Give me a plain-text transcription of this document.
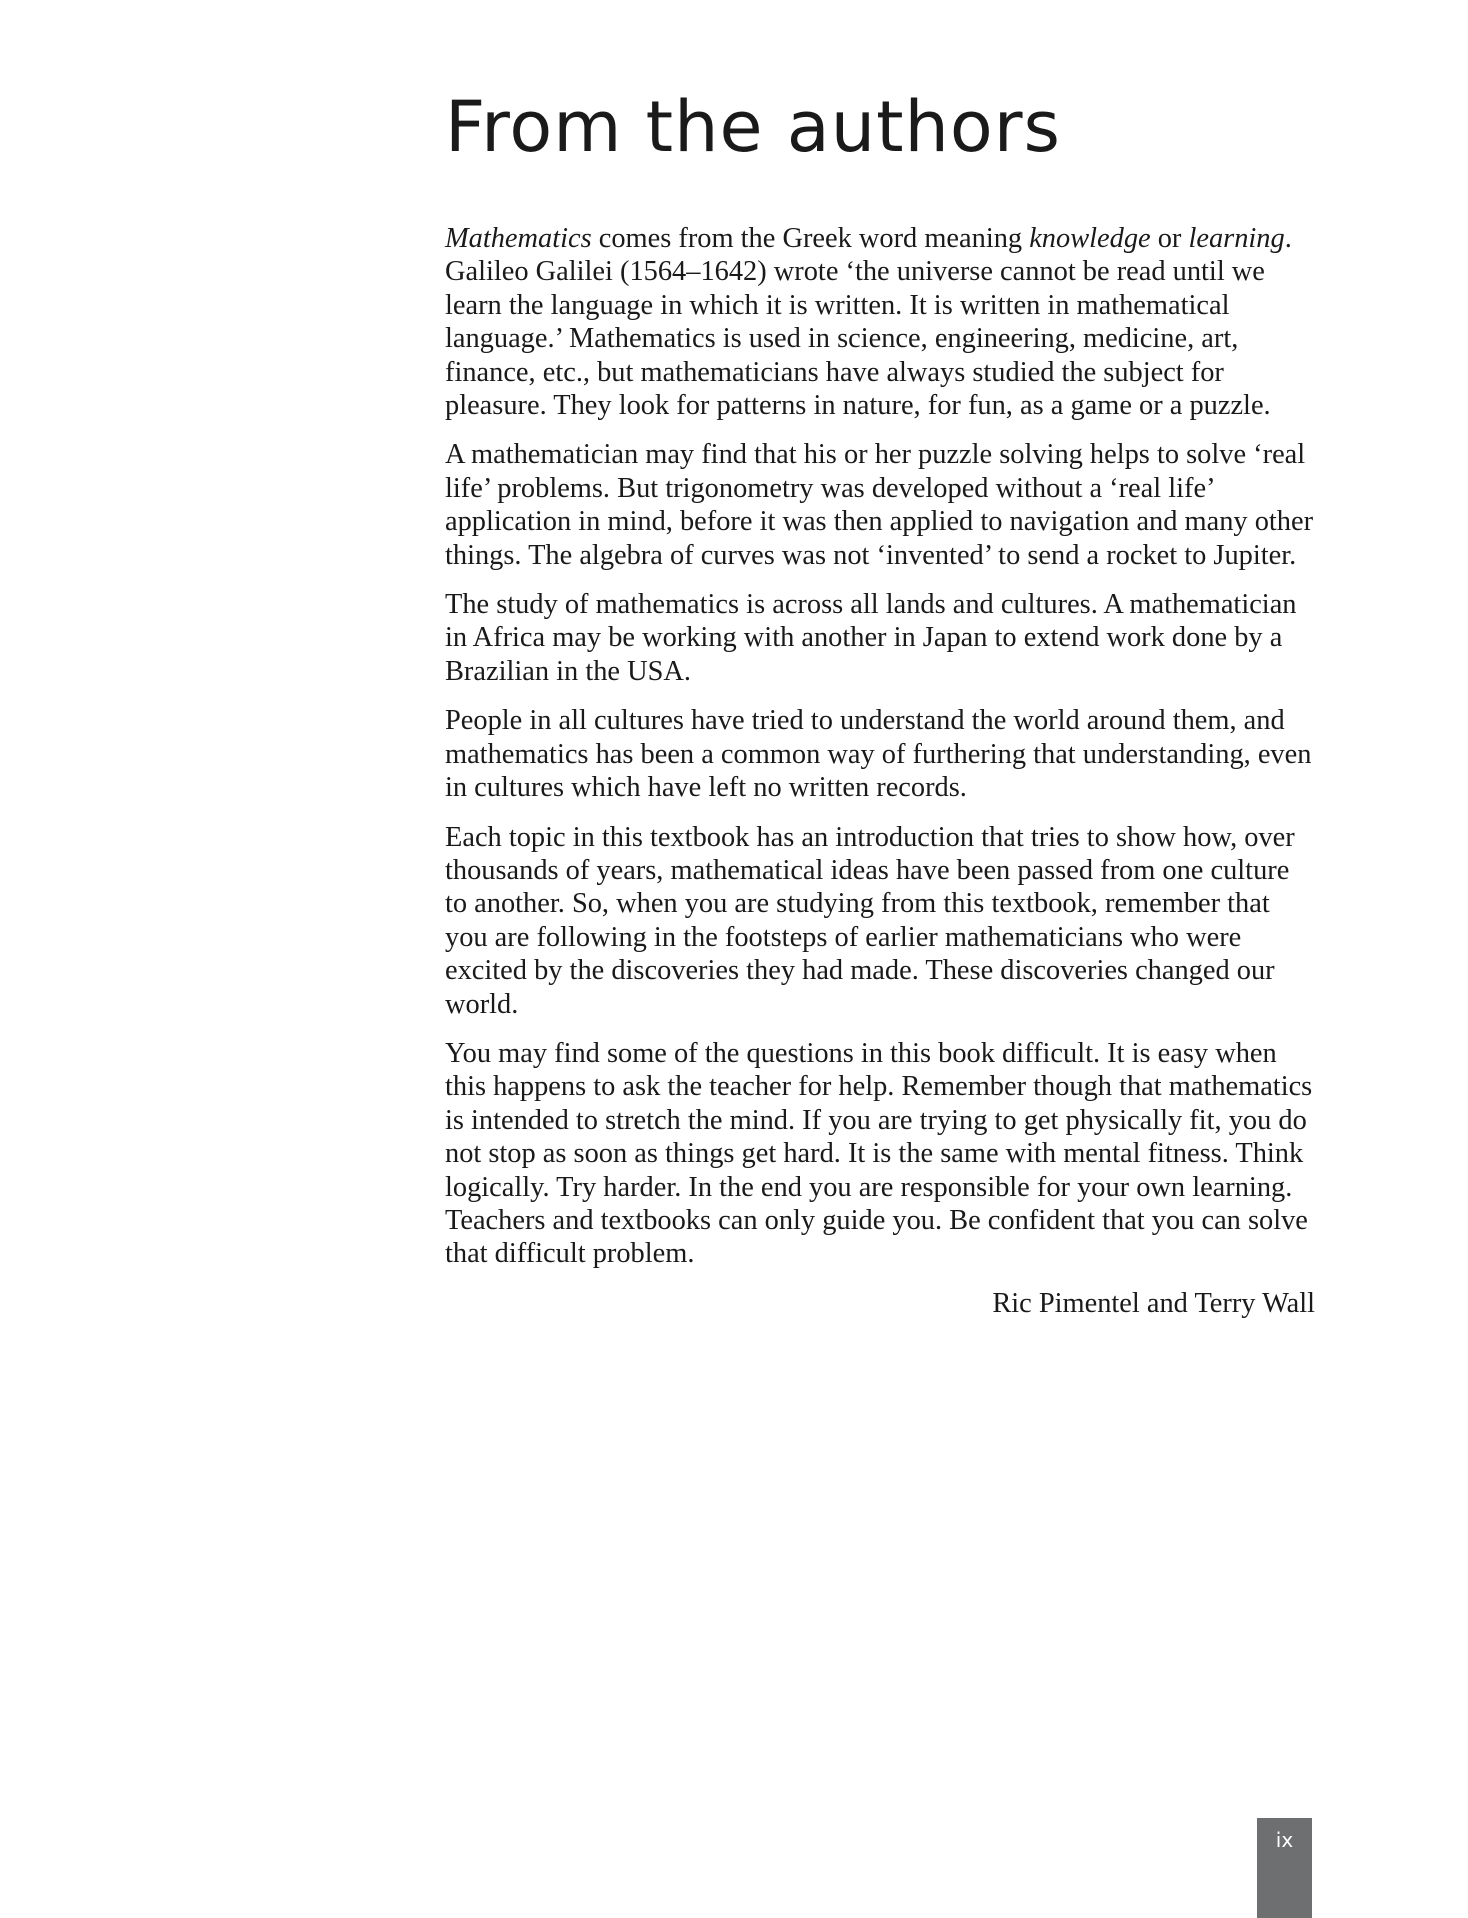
From the authors

Mathematics comes from the Greek word meaning knowledge or learning. Galileo Galilei (1564–1642) wrote ‘the universe cannot be read until we learn the language in which it is written. It is written in mathematical language.’ Mathematics is used in science, engineering, medicine, art, finance, etc., but mathematicians have always studied the subject for pleasure. They look for patterns in nature, for fun, as a game or a puzzle.

A mathematician may find that his or her puzzle solving helps to solve ‘real life’ problems. But trigonometry was developed without a ‘real life’ application in mind, before it was then applied to navigation and many other things. The algebra of curves was not ‘invented’ to send a rocket to Jupiter.

The study of mathematics is across all lands and cultures. A mathematician in Africa may be working with another in Japan to extend work done by a Brazilian in the USA.

People in all cultures have tried to understand the world around them, and mathematics has been a common way of furthering that understanding, even in cultures which have left no written records.

Each topic in this textbook has an introduction that tries to show how, over thousands of years, mathematical ideas have been passed from one culture to another. So, when you are studying from this textbook, remember that you are following in the footsteps of earlier mathematicians who were excited by the discoveries they had made. These discoveries changed our world.

You may find some of the questions in this book difficult. It is easy when this happens to ask the teacher for help. Remember though that mathematics is intended to stretch the mind. If you are trying to get physically fit, you do not stop as soon as things get hard. It is the same with mental fitness. Think logically. Try harder. In the end you are responsible for your own learning. Teachers and textbooks can only guide you. Be confident that you can solve that difficult problem.

Ric Pimentel and Terry Wall

ix
